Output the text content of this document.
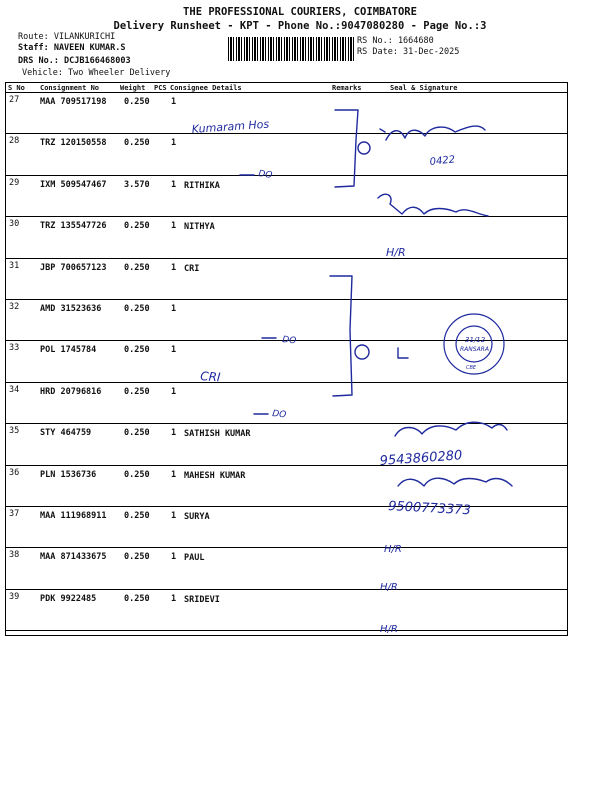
THE PROFESSIONAL COURIERS, COIMBATORE
Delivery Runsheet - KPT - Phone No.:9047080280 - Page No.:3
Route: VILANKURICHI
Staff: NAVEEN KUMAR.S
DRS No.: DCJB166468003
Vehicle: Two Wheeler Delivery
RS No.: 1664680
RS Date: 31-Dec-2025
S No Consignment No	Weight PCS Consignee Details	Remarks	Seal & Signature
27 MAA 709517198 0.250	1
28 TRZ 120150558 0.250	1
29 IXM 509547467 3.570	1 RITHIKA
30 TRZ 135547726 0.250	1 NITHYA
31 JBP 700657123 0.250	1 CRI
32 AMD 31523636	0.250	1
33 POL 1745784	0.250	1
34 HRD 20796816	0.250	1
35 STY 464759	0.250	1 SATHISH KUMAR
36 PLN 1536736	0.250	1 MAHESH KUMAR
37 MAA 111968911 0.250	1 SURYA
38 MAA 871433675 0.250	1 PAUL
39 PDK 9922485	0.250	1 SRIDEVI
Kumaram Hos
DO
CRI
DO
DO
0422
9543860280
9500773373
H/R
H/R
H/R
H/R
RANSARA
31/12
CBE
